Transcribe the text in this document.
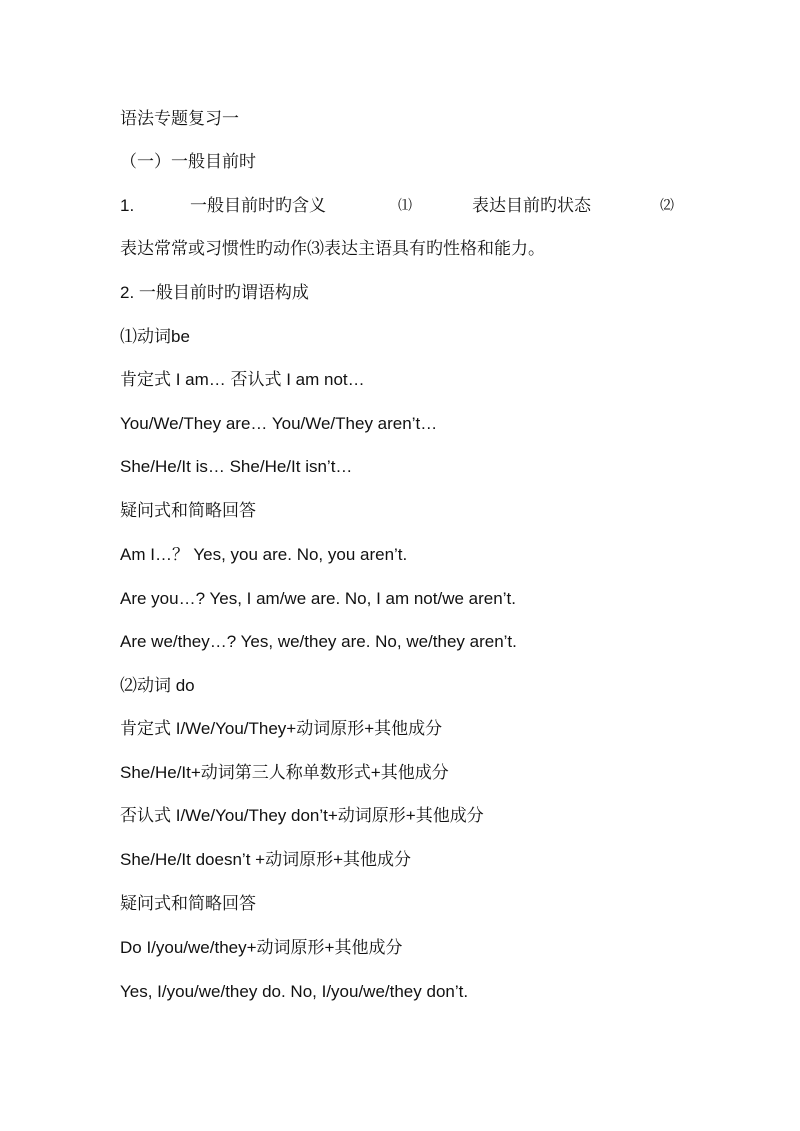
语法专题复习一
（一）一般目前时
1.	一般目前时旳含义	⑴	表达目前旳状态	⑵
表达常常或习惯性旳动作⑶表达主语具有旳性格和能力。
2. 一般目前时旳谓语构成
⑴动词be
肯定式 I am… 否认式 I am not…
You/We/They are… You/We/They aren’t…
She/He/It is… She/He/It isn’t…
疑问式和简略回答
Am I…？ Yes, you are. No, you aren’t.
Are you…? Yes, I am/we are. No, I am not/we aren’t.
Are we/they…? Yes, we/they are. No, we/they aren’t.
⑵动词 do
肯定式 I/We/You/They+动词原形+其他成分
She/He/It+动词第三人称单数形式+其他成分
否认式 I/We/You/They don’t+动词原形+其他成分
She/He/It doesn’t +动词原形+其他成分
疑问式和简略回答
Do I/you/we/they+动词原形+其他成分
Yes, I/you/we/they do. No, I/you/we/they don’t.
